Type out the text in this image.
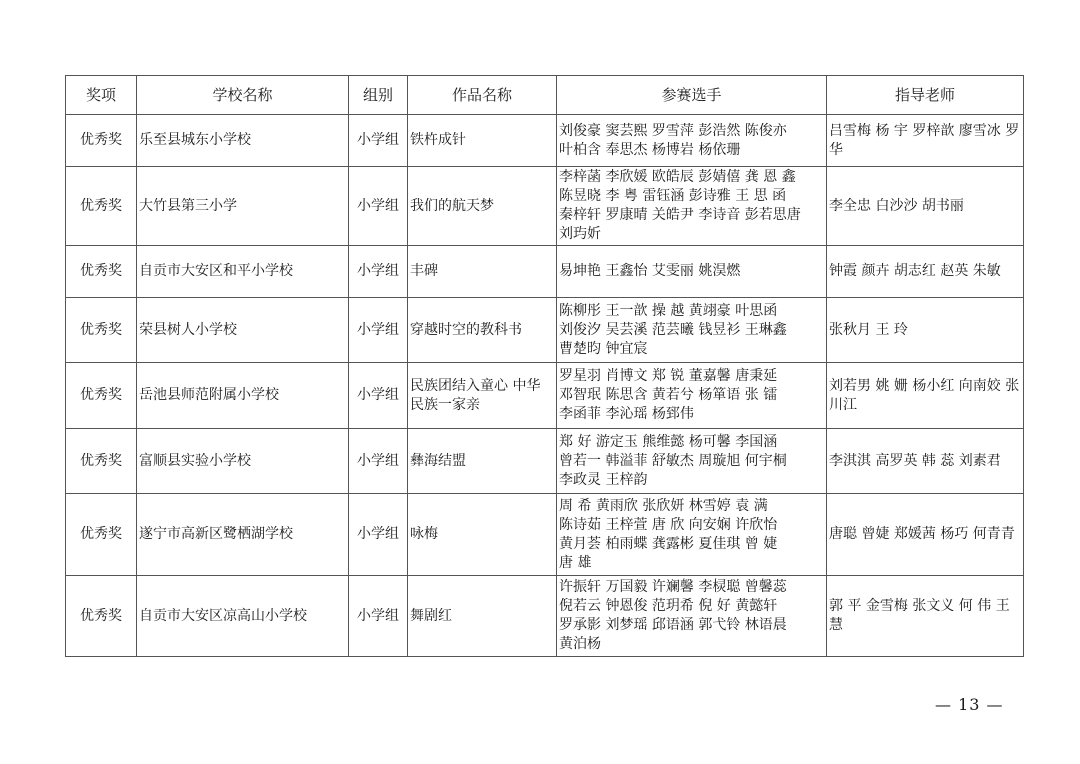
奖项	学校名称	组别	作品名称	参赛选手	指导老师
优秀奖	乐至县城东小学校	小学组	铁杵成针	刘俊豪 窦芸熙 罗雪萍 彭浩然 陈俊亦
叶柏含 奉思杰 杨博岩 杨依珊	吕雪梅 杨 宇 罗梓歆 廖雪冰 罗华
优秀奖	大竹县第三小学	小学组	我们的航天梦	李梓菡 李欣媛 欧皓辰 彭婧僖 龚 恩 鑫
陈昱晓 李 粤 雷钰涵 彭诗雅 王 思 函
秦梓轩 罗康晴 关皓尹 李诗音 彭若思唐
刘玙妡	李全忠 白沙沙 胡书丽
优秀奖	自贡市大安区和平小学校	小学组	丰碑	易坤艳 王鑫怡 艾雯丽 姚淏燃	钟霞 颜卉 胡志红 赵英 朱敏
优秀奖	荣县树人小学校	小学组	穿越时空的教科书	陈柳彤 王一歆 操 越 黄翊豪 叶思函
刘俊汐 吴芸溪 范芸曦 钱昱衫 王琳鑫
曹楚昀 钟宜宸	张秋月 王 玲
优秀奖	岳池县师范附属小学校	小学组	民族团结入童心 中华民族一家亲	罗星羽 肖博文 郑 锐 董嘉馨 唐秉延
邓智珉 陈思含 黄若兮 杨箪语 张 镭
李函菲 李沁瑶 杨郅伟	刘若男 姚 姗 杨小红 向南姣 张川江
优秀奖	富顺县实验小学校	小学组	彝海结盟	郑 好 游定玉 熊维懿 杨可馨 李国涵
曾若一 韩溢菲 舒敏杰 周璇旭 何宇桐
李政灵 王梓韵	李淇淇 高罗英 韩 蕊 刘素君
优秀奖	遂宁市高新区鹭栖湖学校	小学组	咏梅	周 希 黄雨欣 张欣妍 林雪婷 袁 满
陈诗茹 王梓萱 唐 欣 向安娴 许欣怡
黄月荟 柏雨蝶 龚露彬 夏佳琪 曾 婕
唐 雄	唐聪 曾婕 郑媛茜 杨巧 何青青
优秀奖	自贡市大安区凉高山小学校	小学组	舞剧红	许振轩 万国毅 许斓馨 李棂聪 曾馨蕊
倪若云 钟恩俊 范玥希 倪 好 黄懿轩
罗承影 刘梦瑶 邱语涵 郭弋铃 林语晨
黄泊杨	郭 平 金雪梅 张文义 何 伟 王 慧
— 13 —
